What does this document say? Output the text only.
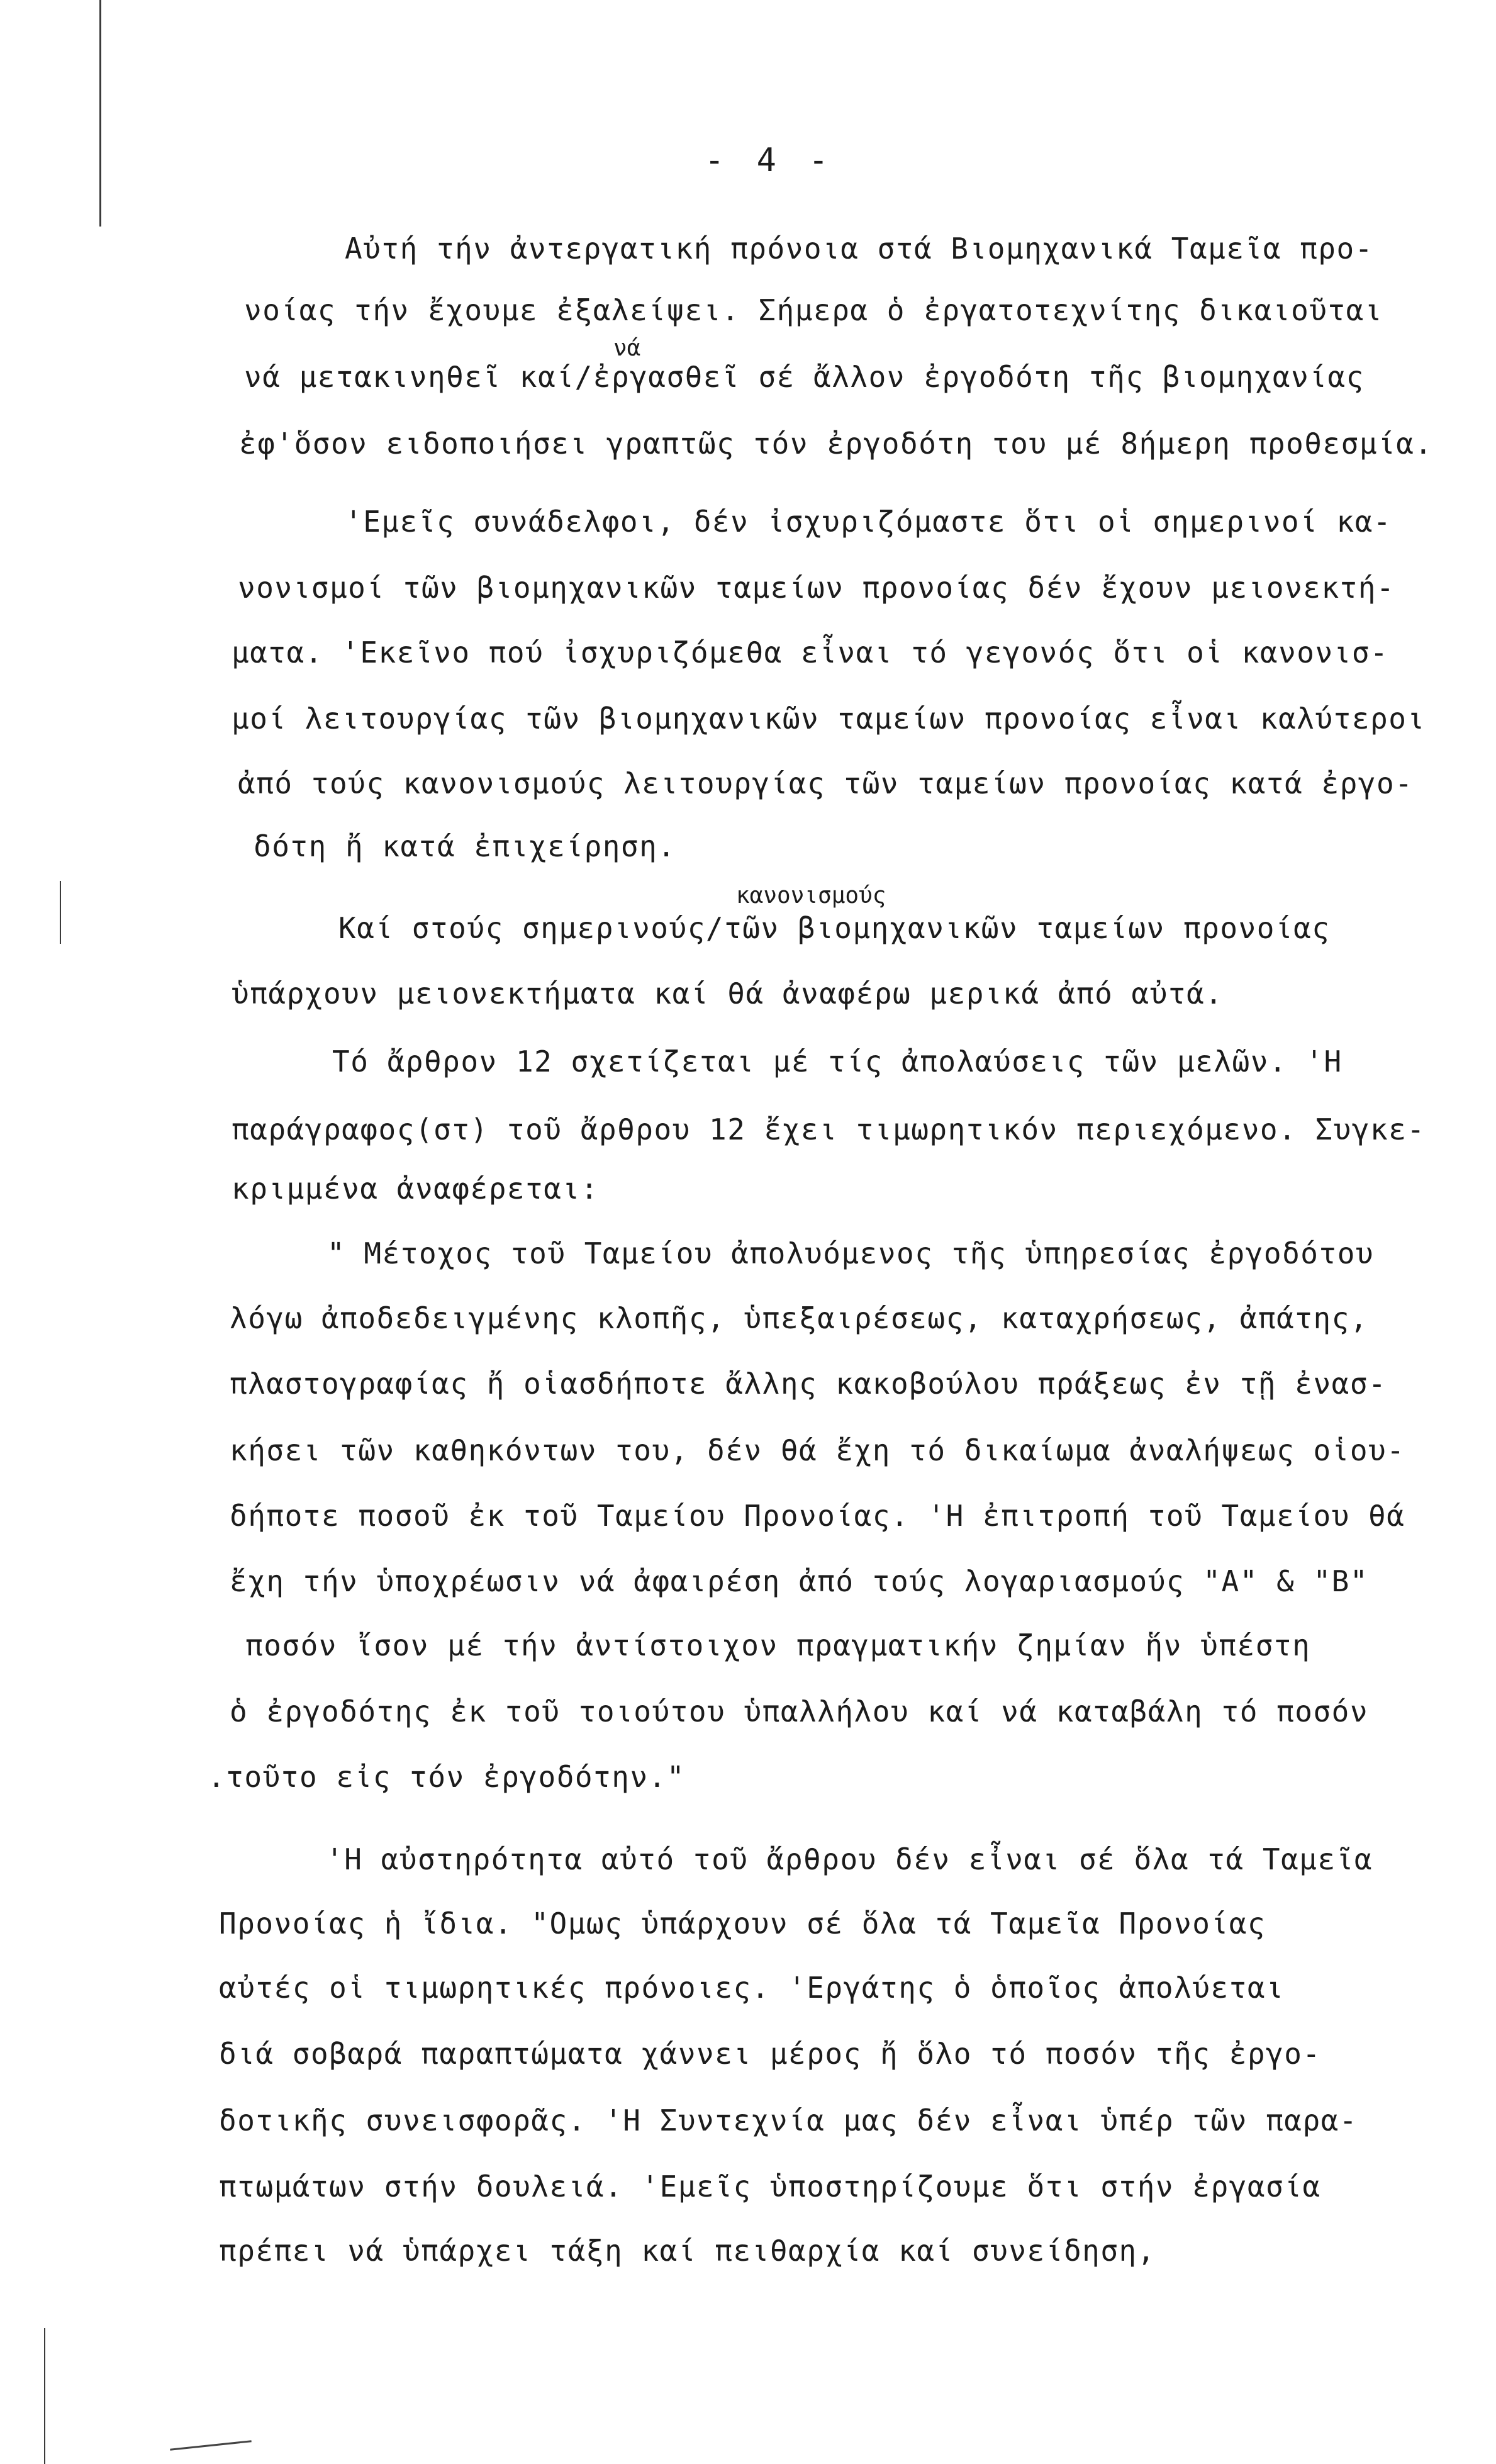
- 4 -
Αὐτή τήν ἀντεργατική πρόνοια στά Βιομηχανικά Ταμεῖα προ-
νοίας τήν ἔχουμε ἐξαλείψει. Σήμερα ὁ ἐργατοτεχνίτης δικαιοῦται
νά
νά μετακινηθεῖ καί/ἐργασθεῖ σέ ἄλλον ἐργοδότη τῆς βιομηχανίας
ἐφ'ὅσον ειδοποιήσει γραπτῶς τόν ἐργοδότη του μέ 8ήμερη προθεσμία.
'Εμεῖς συνάδελφοι, δέν ἰσχυριζόμαστε ὅτι οἱ σημερινοί κα-
νονισμοί τῶν βιομηχανικῶν ταμείων προνοίας δέν ἔχουν μειονεκτή-
ματα. 'Εκεῖνο πού ἰσχυριζόμεθα εἶναι τό γεγονός ὅτι οἱ κανονισ-
μοί λειτουργίας τῶν βιομηχανικῶν ταμείων προνοίας εἶναι καλύτεροι
ἀπό τούς κανονισμούς λειτουργίας τῶν ταμείων προνοίας κατά ἐργο-
δότη ἤ κατά ἐπιχείρηση.
κανονισμούς
Καί στούς σημερινούς/τῶν βιομηχανικῶν ταμείων προνοίας
ὑπάρχουν μειονεκτήματα καί θά ἀναφέρω μερικά ἀπό αὐτά.
Τό ἄρθρον 12 σχετίζεται μέ τίς ἀπολαύσεις τῶν μελῶν. 'Η
παράγραφος(στ) τοῦ ἄρθρου 12 ἔχει τιμωρητικόν περιεχόμενο. Συγκε-
κριμμένα ἀναφέρεται:
" Μέτοχος τοῦ Ταμείου ἀπολυόμενος τῆς ὑπηρεσίας ἐργοδότου
λόγω ἀποδεδειγμένης κλοπῆς, ὑπεξαιρέσεως, καταχρήσεως, ἀπάτης,
πλαστογραφίας ἤ οἱασδήποτε ἄλλης κακοβούλου πράξεως ἐν τῇ ἐνασ-
κήσει τῶν καθηκόντων του, δέν θά ἔχη τό δικαίωμα ἀναλήψεως οἱου-
δήποτε ποσοῦ ἐκ τοῦ Ταμείου Προνοίας. 'Η ἐπιτροπή τοῦ Ταμείου θά
ἔχη τήν ὑποχρέωσιν νά ἀφαιρέση ἀπό τούς λογαριασμούς "Α" & "Β"
ποσόν ἴσον μέ τήν ἀντίστοιχον πραγματικήν ζημίαν ἥν ὑπέστη
ὁ ἐργοδότης ἐκ τοῦ τοιούτου ὑπαλλήλου καί νά καταβάλη τό ποσόν
.τοῦτο εἰς τόν ἐργοδότην."
'Η αὐστηρότητα αὐτό τοῦ ἄρθρου δέν εἶναι σέ ὅλα τά Ταμεῖα
Προνοίας ἡ ἴδια. "Ομως ὑπάρχουν σέ ὅλα τά Ταμεῖα Προνοίας
αὐτές οἱ τιμωρητικές πρόνοιες. 'Εργάτης ὁ ὁποῖος ἀπολύεται
διά σοβαρά παραπτώματα χάννει μέρος ἤ ὅλο τό ποσόν τῆς ἐργο-
δοτικῆς συνεισφορᾶς. 'Η Συντεχνία μας δέν εἶναι ὑπέρ τῶν παρα-
πτωμάτων στήν δουλειά. 'Εμεῖς ὑποστηρίζουμε ὅτι στήν ἐργασία
πρέπει νά ὑπάρχει τάξη καί πειθαρχία καί συνείδηση,
